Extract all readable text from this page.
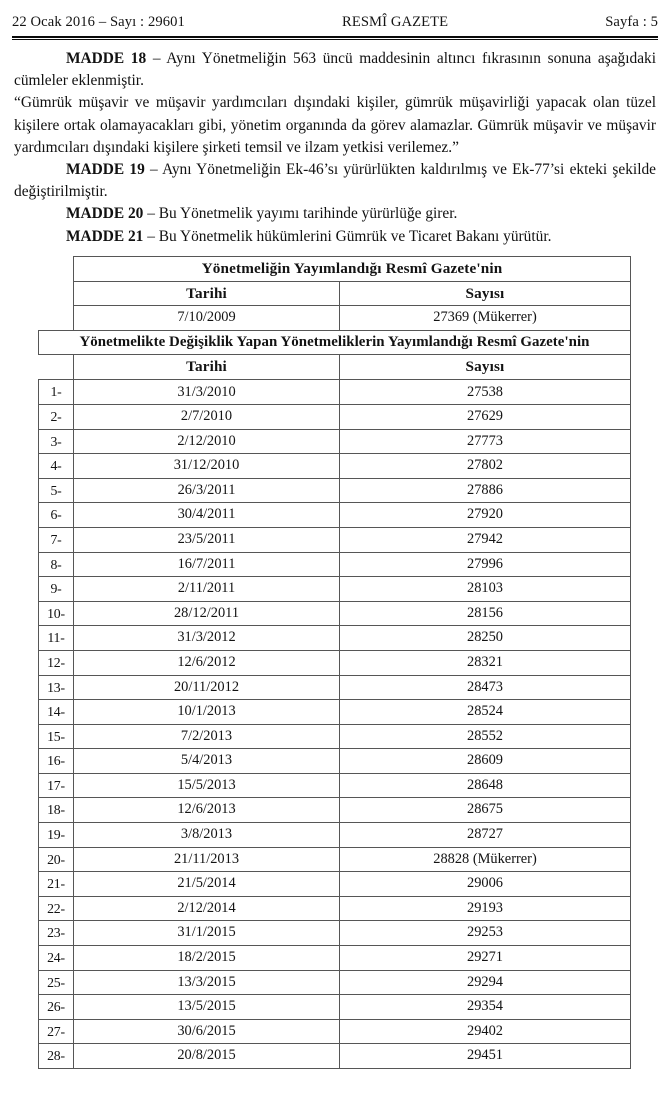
22 Ocak 2016 – Sayı : 29601	RESMÎ GAZETE	Sayfa : 5

MADDE 18 – Aynı Yönetmeliğin 563 üncü maddesinin altıncı fıkrasının sonuna aşağıdaki cümleler eklenmiştir.

“Gümrük müşavir ve müşavir yardımcıları dışındaki kişiler, gümrük müşavirliği yapacak olan tüzel kişilere ortak olamayacakları gibi, yönetim organında da görev alamazlar. Gümrük müşavir ve müşavir yardımcıları dışındaki kişilere şirketi temsil ve ilzam yetkisi verilemez.”

MADDE 19 – Aynı Yönetmeliğin Ek-46’sı yürürlükten kaldırılmış ve Ek-77’si ekteki şekilde değiştirilmiştir.

MADDE 20 – Bu Yönetmelik yayımı tarihinde yürürlüğe girer.

MADDE 21 – Bu Yönetmelik hükümlerini Gümrük ve Ticaret Bakanı yürütür.

	Yönetmeliğin Yayımlandığı Resmî Gazete'nin	
	Tarihi	Sayısı
	7/10/2009	27369 (Mükerrer)
Yönetmelikte Değişiklik Yapan Yönetmeliklerin Yayımlandığı Resmî Gazete'nin		
	Tarihi	Sayısı
1-	31/3/2010	27538
2-	2/7/2010	27629
3-	2/12/2010	27773
4-	31/12/2010	27802
5-	26/3/2011	27886
6-	30/4/2011	27920
7-	23/5/2011	27942
8-	16/7/2011	27996
9-	2/11/2011	28103
10-	28/12/2011	28156
11-	31/3/2012	28250
12-	12/6/2012	28321
13-	20/11/2012	28473
14-	10/1/2013	28524
15-	7/2/2013	28552
16-	5/4/2013	28609
17-	15/5/2013	28648
18-	12/6/2013	28675
19-	3/8/2013	28727
20-	21/11/2013	28828 (Mükerrer)
21-	21/5/2014	29006
22-	2/12/2014	29193
23-	31/1/2015	29253
24-	18/2/2015	29271
25-	13/3/2015	29294
26-	13/5/2015	29354
27-	30/6/2015	29402
28-	20/8/2015	29451
